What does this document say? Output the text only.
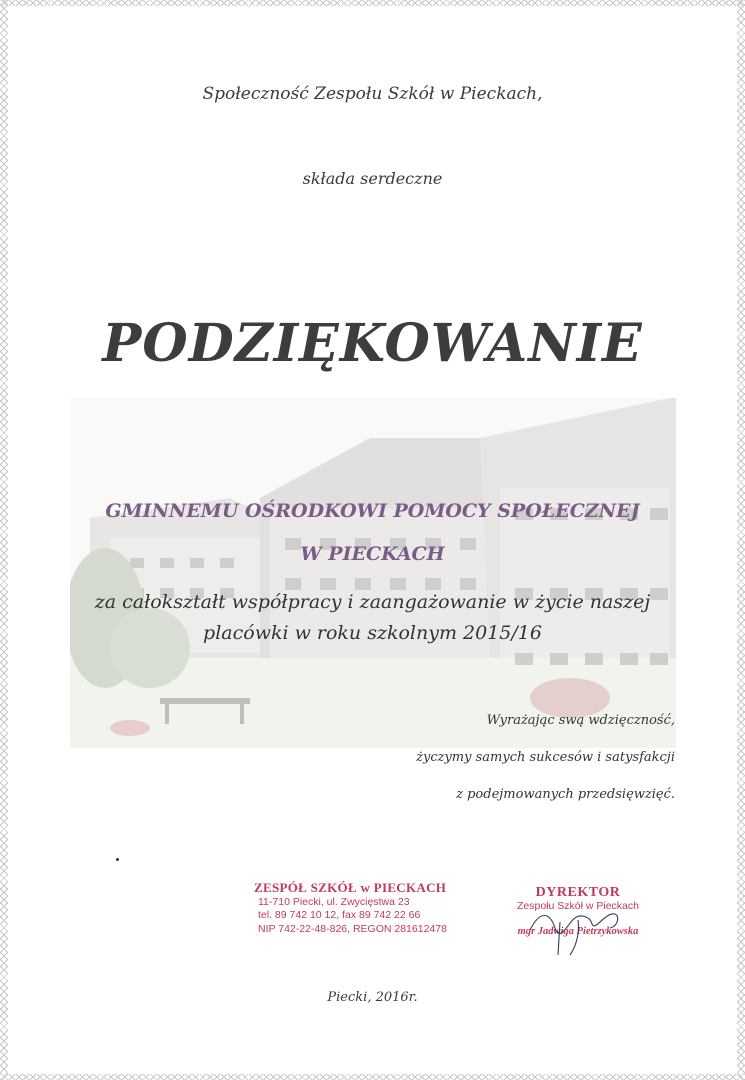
Społeczność Zespołu Szkół w Pieckach,
składa serdeczne
PODZIĘKOWANIE
GMINNEMU OŚRODKOWI POMOCY SPOŁECZNEJ
W PIECKACH
za całokształt współpracy i zaangażowanie w życie naszej
placówki w roku szkolnym 2015/16
Wyrażając swą wdzięczność,
życzymy samych sukcesów i satysfakcji
z podejmowanych przedsięwzięć.
ZESPÓŁ SZKÓŁ w PIECKACH
11-710 Piecki, ul. Zwycięstwa 23
tel. 89 742 10 12, fax 89 742 22 66
NIP 742-22-48-826, REGON 281612478
DYREKTOR
Zespołu Szkół w Pieckach
mgr Jadwiga Pietrzykowska
Piecki, 2016r.
